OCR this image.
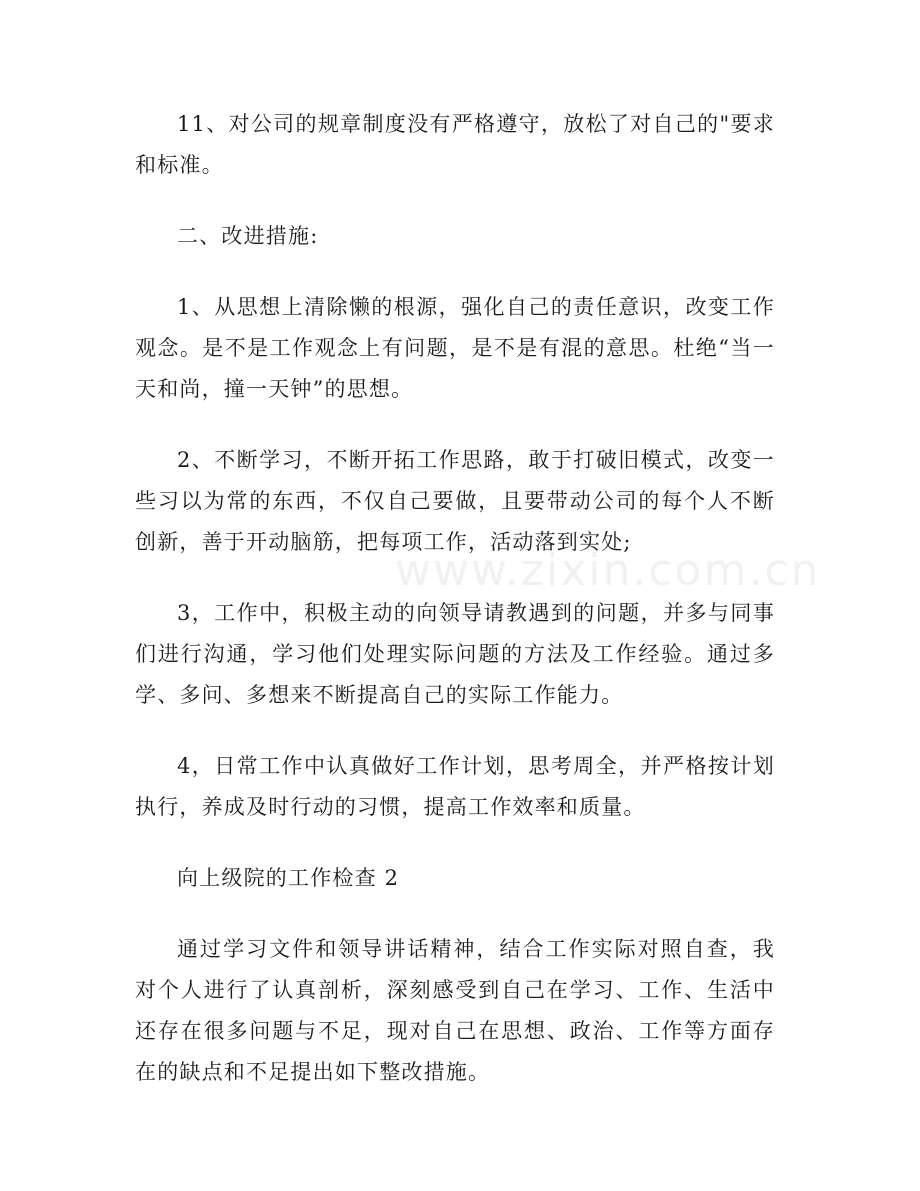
www.zixin.com.cn

11、对公司的规章制度没有严格遵守，放松了对自己的"要求和标准。

二、改进措施:

1、从思想上清除懒的根源，强化自己的责任意识，改变工作观念。是不是工作观念上有问题，是不是有混的意思。杜绝“当一天和尚，撞一天钟”的思想。

2、不断学习，不断开拓工作思路，敢于打破旧模式，改变一些习以为常的东西，不仅自己要做，且要带动公司的每个人不断创新，善于开动脑筋，把每项工作，活动落到实处;

3，工作中，积极主动的向领导请教遇到的问题，并多与同事们进行沟通，学习他们处理实际问题的方法及工作经验。通过多学、多问、多想来不断提高自己的实际工作能力。

4，日常工作中认真做好工作计划，思考周全，并严格按计划执行，养成及时行动的习惯，提高工作效率和质量。

向上级院的工作检查 2

通过学习文件和领导讲话精神，结合工作实际对照自查，我对个人进行了认真剖析，深刻感受到自己在学习、工作、生活中还存在很多问题与不足，现对自己在思想、政治、工作等方面存在的缺点和不足提出如下整改措施。
